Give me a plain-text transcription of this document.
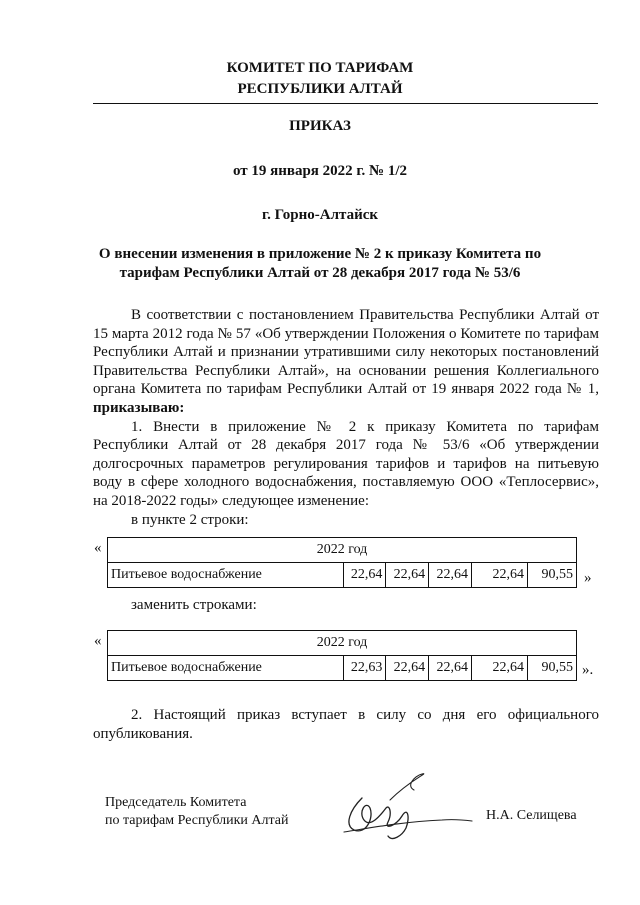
КОМИТЕТ ПО ТАРИФАМ
РЕСПУБЛИКИ АЛТАЙ
ПРИКАЗ
от 19 января 2022 г. № 1/2
г. Горно-Алтайск
О внесении изменения в приложение № 2 к приказу Комитета по
тарифам Республики Алтай от 28 декабря 2017 года № 53/6

В соответствии с постановлением Правительства Республики Алтай от 15 марта 2012 года № 57 «Об утверждении Положения о Комитете по тарифам Республики Алтай и признании утратившими силу некоторых постановлений Правительства Республики Алтай», на основании решения Коллегиального органа Комитета по тарифам Республики Алтай от 19 января 2022 года № 1, приказываю:

1. Внести в приложение № 2 к приказу Комитета по тарифам Республики Алтай от 28 декабря 2017 года № 53/6 «Об утверждении долгосрочных параметров регулирования тарифов и тарифов на питьевую воду в сфере холодного водоснабжения, поставляемую ООО «Теплосервис», на 2018-2022 годы» следующее изменение:

в пункте 2 строки:

«	2022 год
Питьевое водоснабжение	22,64	22,64	22,64	22,64	90,55 »

заменить строками:

«	2022 год
Питьевое водоснабжение	22,63	22,64	22,64	22,64	90,55 ».

2. Настоящий приказ вступает в силу со дня его официального опубликования.

Председатель Комитета
по тарифам Республики Алтай	Н.А. Селищева
